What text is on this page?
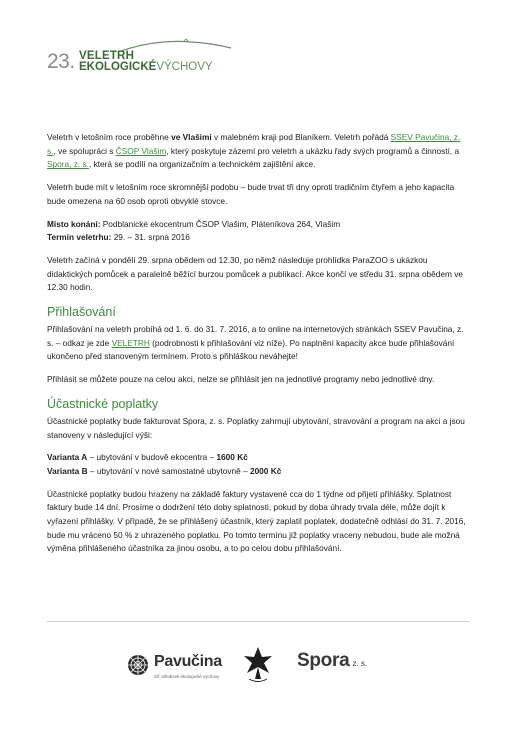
23. VELETRH
EKOLOGICKÉVÝCHOVY

Veletrh v letošním roce proběhne ve Vlašimi v malebném kraji pod Blaníkem. Veletrh pořádá SSEV Pavučina, z. s., ve spolupráci s ČSOP Vlašim, který poskytuje zázemí pro veletrh a ukázku řady svých programů a činností, a Spora, z. s., která se podílí na organizačním a technickém zajištění akce.

Veletrh bude mít v letošním roce skromnější podobu – bude trvat tři dny oproti tradičním čtyřem a jeho kapacita bude omezena na 60 osob oproti obvyklé stovce.

Místo konání: Podblanické ekocentrum ČSOP Vlašim, Pláteníkova 264, Vlašim

Termín veletrhu: 29. – 31. srpna 2016

Veletrh začíná v pondělí 29. srpna obědem od 12.30, po němž následuje prohlídka ParaZOO s ukázkou didaktických pomůcek a paralelně běžící burzou pomůcek a publikací. Akce končí ve středu 31. srpna obědem ve 12.30 hodin.

Přihlašování

Přihlašování na veletrh probíhá od 1. 6. do 31. 7. 2016, a to online na internetových stránkách SSEV Pavučina, z. s. – odkaz je zde VELETRH (podrobnosti k přihlašování viz níže). Po naplnění kapacity akce bude přihlašování ukončeno před stanoveným termínem. Proto s přihláškou neváhejte!

Přihlásit se můžete pouze na celou akci, nelze se přihlásit jen na jednotlivé programy nebo jednotlivé dny.

Účastnické poplatky

Účastnické poplatky bude fakturovat Spora, z. s. Poplatky zahrnují ubytování, stravování a program na akci a jsou stanoveny v následující výši:

Varianta A – ubytování v budově ekocentra – 1600 Kč

Varianta B – ubytování v nové samostatné ubytovně – 2000 Kč

Účastnické poplatky budou hrazeny na základě faktury vystavené cca do 1 týdne od přijetí přihlášky. Splatnost faktury bude 14 dní. Prosíme o dodržení této doby splatnosti, pokud by doba úhrady trvala déle, může dojít k vyřazení přihlášky. V případě, že se přihlášený účastník, který zaplatil poplatek, dodatečně odhlásí do 31. 7. 2016, bude mu vráceno 50 % z uhrazeného poplatku. Po tomto termínu již poplatky vraceny nebudou, bude ale možná výměna přihlášeného účastníka za jinou osobu, a to po celou dobu přihlašování.

Pavučina
Síť středisek ekologické výchovy
Spora
, z. s.
